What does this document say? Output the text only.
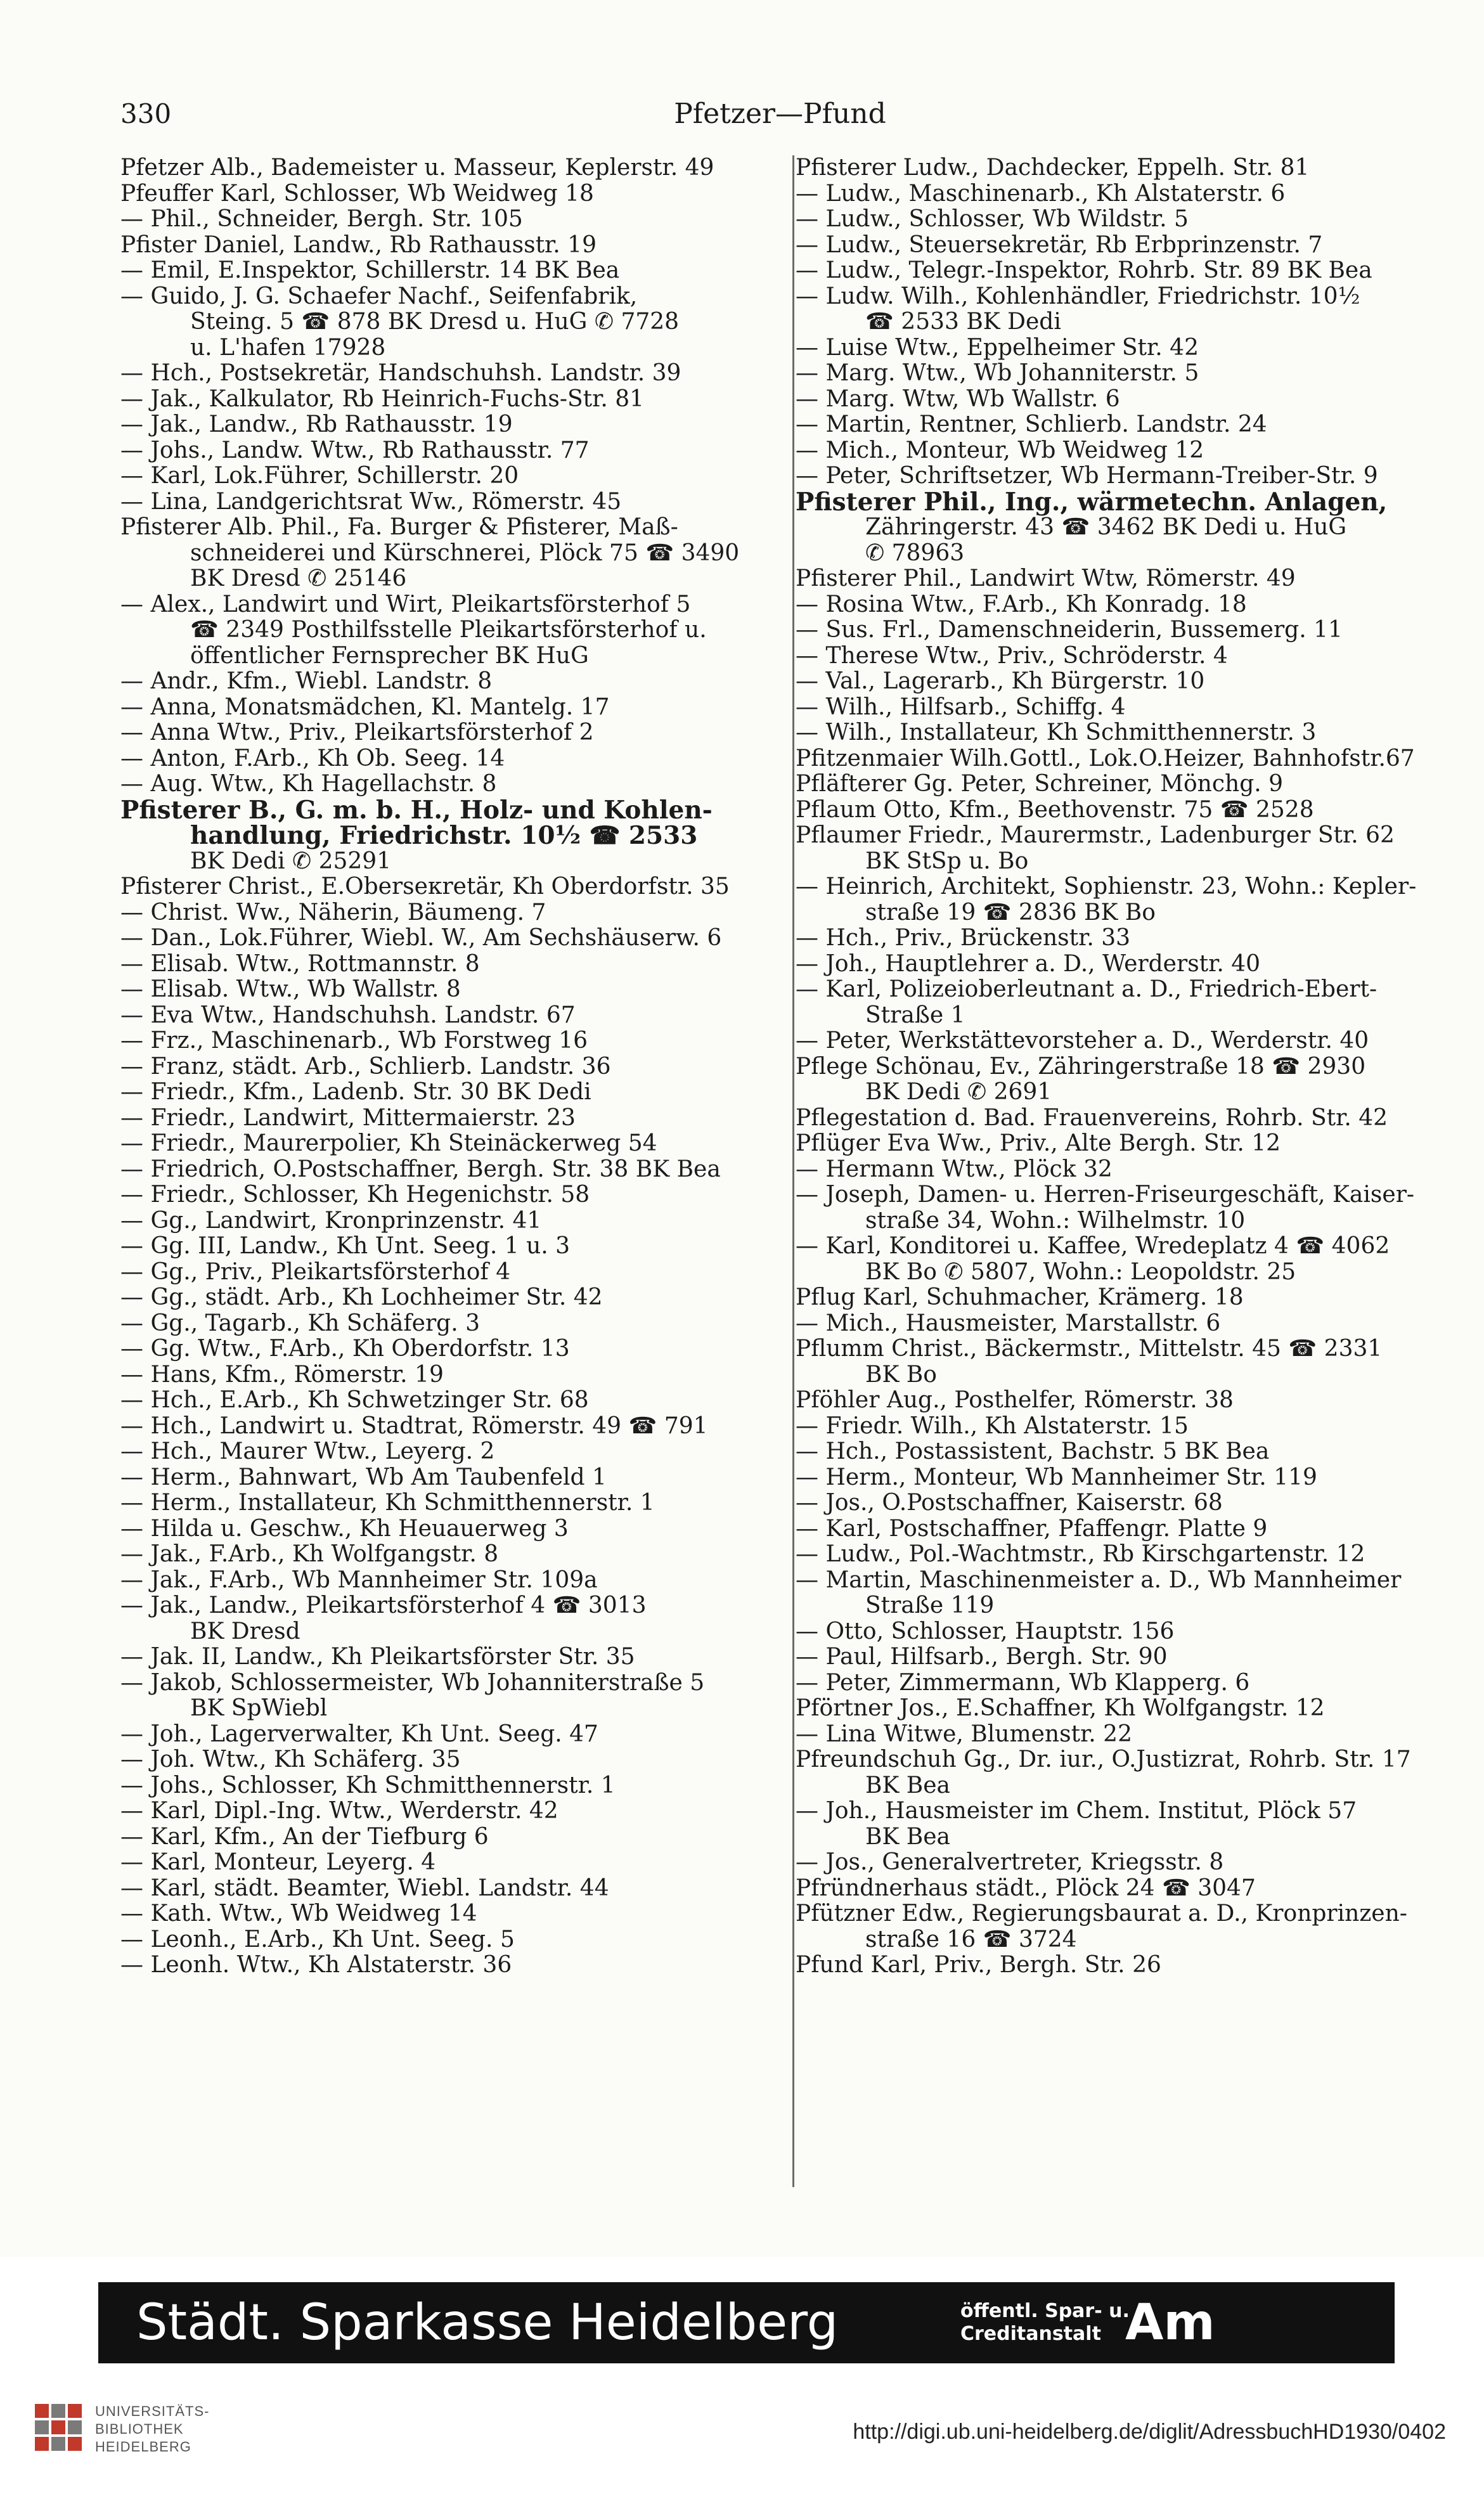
330	Pfetzer—Pfund
Pfetzer Alb., Bademeister u. Masseur, Keplerstr. 49
Pfeuffer Karl, Schlosser, Wb Weidweg 18
— Phil., Schneider, Bergh. Str. 105
Pfister Daniel, Landw., Rb Rathausstr. 19
— Emil, E.Inspektor, Schillerstr. 14 BK Bea
— Guido, J. G. Schaefer Nachf., Seifenfabrik,
Steing. 5 ☎ 878 BK Dresd u. HuG ✆ 7728
u. L'hafen 17928
— Hch., Postsekretär, Handschuhsh. Landstr. 39
— Jak., Kalkulator, Rb Heinrich-Fuchs-Str. 81
— Jak., Landw., Rb Rathausstr. 19
— Johs., Landw. Wtw., Rb Rathausstr. 77
— Karl, Lok.Führer, Schillerstr. 20
— Lina, Landgerichtsrat Ww., Römerstr. 45
Pfisterer Alb. Phil., Fa. Burger & Pfisterer, Maß-
schneiderei und Kürschnerei, Plöck 75 ☎ 3490
BK Dresd ✆ 25146
— Alex., Landwirt und Wirt, Pleikartsförsterhof 5
☎ 2349 Posthilfsstelle Pleikartsförsterhof u.
öffentlicher Fernsprecher BK HuG
— Andr., Kfm., Wiebl. Landstr. 8
— Anna, Monatsmädchen, Kl. Mantelg. 17
— Anna Wtw., Priv., Pleikartsförsterhof 2
— Anton, F.Arb., Kh Ob. Seeg. 14
— Aug. Wtw., Kh Hagellachstr. 8
Pfisterer B., G. m. b. H., Holz- und Kohlen-
handlung, Friedrichstr. 10½ ☎ 2533
BK Dedi ✆ 25291
Pfisterer Christ., E.Oberseкretär, Kh Oberdorfstr. 35
— Christ. Ww., Näherin, Bäumeng. 7
— Dan., Lok.Führer, Wiebl. W., Am Sechshäuserw. 6
— Elisab. Wtw., Rottmannstr. 8
— Elisab. Wtw., Wb Wallstr. 8
— Eva Wtw., Handschuhsh. Landstr. 67
— Frz., Maschinenarb., Wb Forstweg 16
— Franz, städt. Arb., Schlierb. Landstr. 36
— Friedr., Kfm., Ladenb. Str. 30 BK Dedi
— Friedr., Landwirt, Mittermaierstr. 23
— Friedr., Maurerpolier, Kh Steinäckerweg 54
— Friedrich, O.Postschaffner, Bergh. Str. 38 BK Bea
— Friedr., Schlosser, Kh Hegenichstr. 58
— Gg., Landwirt, Kronprinzenstr. 41
— Gg. III, Landw., Kh Unt. Seeg. 1 u. 3
— Gg., Priv., Pleikartsförsterhof 4
— Gg., städt. Arb., Kh Lochheimer Str. 42
— Gg., Tagarb., Kh Schäferg. 3
— Gg. Wtw., F.Arb., Kh Oberdorfstr. 13
— Hans, Kfm., Römerstr. 19
— Hch., E.Arb., Kh Schwetzinger Str. 68
— Hch., Landwirt u. Stadtrat, Römerstr. 49 ☎ 791
— Hch., Maurer Wtw., Leyerg. 2
— Herm., Bahnwart, Wb Am Taubenfeld 1
— Herm., Installateur, Kh Schmitthennerstr. 1
— Hilda u. Geschw., Kh Heuauerweg 3
— Jak., F.Arb., Kh Wolfgangstr. 8
— Jak., F.Arb., Wb Mannheimer Str. 109a
— Jak., Landw., Pleikartsförsterhof 4 ☎ 3013
BK Dresd
— Jak. II, Landw., Kh Pleikartsförster Str. 35
— Jakob, Schlossermeister, Wb Johanniterstraße 5
BK SpWiebl
— Joh., Lagerverwalter, Kh Unt. Seeg. 47
— Joh. Wtw., Kh Schäferg. 35
— Johs., Schlosser, Kh Schmitthennerstr. 1
— Karl, Dipl.-Ing. Wtw., Werderstr. 42
— Karl, Kfm., An der Tiefburg 6
— Karl, Monteur, Leyerg. 4
— Karl, städt. Beamter, Wiebl. Landstr. 44
— Kath. Wtw., Wb Weidweg 14
— Leonh., E.Arb., Kh Unt. Seeg. 5
— Leonh. Wtw., Kh Alstaterstr. 36
Pfisterer Ludw., Dachdecker, Eppelh. Str. 81
— Ludw., Maschinenarb., Kh Alstaterstr. 6
— Ludw., Schlosser, Wb Wildstr. 5
— Ludw., Steuersekretär, Rb Erbprinzenstr. 7
— Ludw., Telegr.-Inspektor, Rohrb. Str. 89 BK Bea
— Ludw. Wilh., Kohlenhändler, Friedrichstr. 10½
☎ 2533 BK Dedi
— Luise Wtw., Eppelheimer Str. 42
— Marg. Wtw., Wb Johanniterstr. 5
— Marg. Wtw, Wb Wallstr. 6
— Martin, Rentner, Schlierb. Landstr. 24
— Mich., Monteur, Wb Weidweg 12
— Peter, Schriftsetzer, Wb Hermann-Treiber-Str. 9
Pfisterer Phil., Ing., wärmetechn. Anlagen,
Zähringerstr. 43 ☎ 3462 BK Dedi u. HuG
✆ 78963
Pfisterer Phil., Landwirt Wtw, Römerstr. 49
— Rosina Wtw., F.Arb., Kh Konradg. 18
— Sus. Frl., Damenschneiderin, Bussemerg. 11
— Therese Wtw., Priv., Schröderstr. 4
— Val., Lagerarb., Kh Bürgerstr. 10
— Wilh., Hilfsarb., Schiffg. 4
— Wilh., Installateur, Kh Schmitthennerstr. 3
Pfitzenmaier Wilh.Gottl., Lok.O.Heizer, Bahnhofstr.67
Pfläfterer Gg. Peter, Schreiner, Mönchg. 9
Pflaum Otto, Kfm., Beethovenstr. 75 ☎ 2528
Pflaumer Friedr., Maurermstr., Ladenburger Str. 62
BK StSp u. Bo
— Heinrich, Architekt, Sophienstr. 23, Wohn.: Kepler-
straße 19 ☎ 2836 BK Bo
— Hch., Priv., Brückenstr. 33
— Joh., Hauptlehrer a. D., Werderstr. 40
— Karl, Polizeioberleutnant a. D., Friedrich-Ebert-
Straße 1
— Peter, Werkstättevorsteher a. D., Werderstr. 40
Pflege Schönau, Ev., Zähringerstraße 18 ☎ 2930
BK Dedi ✆ 2691
Pflegestation d. Bad. Frauenvereins, Rohrb. Str. 42
Pflüger Eva Ww., Priv., Alte Bergh. Str. 12
— Hermann Wtw., Plöck 32
— Joseph, Damen- u. Herren-Friseurgeschäft, Kaiser-
straße 34, Wohn.: Wilhelmstr. 10
— Karl, Konditorei u. Kaffee, Wredeplatz 4 ☎ 4062
BK Bo ✆ 5807, Wohn.: Leopoldstr. 25
Pflug Karl, Schuhmacher, Krämerg. 18
— Mich., Hausmeister, Marstallstr. 6
Pflumm Christ., Bäckermstr., Mittelstr. 45 ☎ 2331
BK Bo
Pföhler Aug., Posthelfer, Römerstr. 38
— Friedr. Wilh., Kh Alstaterstr. 15
— Hch., Postassistent, Bachstr. 5 BK Bea
— Herm., Monteur, Wb Mannheimer Str. 119
— Jos., O.Postschaffner, Kaiserstr. 68
— Karl, Postschaffner, Pfaffengr. Platte 9
— Ludw., Pol.-Wachtmstr., Rb Kirschgartenstr. 12
— Martin, Maschinenmeister a. D., Wb Mannheimer
Straße 119
— Otto, Schlosser, Hauptstr. 156
— Paul, Hilfsarb., Bergh. Str. 90
— Peter, Zimmermann, Wb Klapperg. 6
Pförtner Jos., E.Schaffner, Kh Wolfgangstr. 12
— Lina Witwe, Blumenstr. 22
Pfreundschuh Gg., Dr. iur., O.Justizrat, Rohrb. Str. 17
BK Bea
— Joh., Hausmeister im Chem. Institut, Plöck 57
BK Bea
— Jos., Generalvertreter, Kriegsstr. 8
Pfründnerhaus städt., Plöck 24 ☎ 3047
Pfützner Edw., Regierungsbaurat a. D., Kronprinzen-
straße 16 ☎ 3724
Pfund Karl, Priv., Bergh. Str. 26
Städt. Sparkasse Heidelberg	öffentl. Spar- u.
Creditanstalt Am
UNIVERSITÄTS-
BIBLIOTHEK
HEIDELBERG
http://digi.ub.uni-heidelberg.de/diglit/AdressbuchHD1930/0402
